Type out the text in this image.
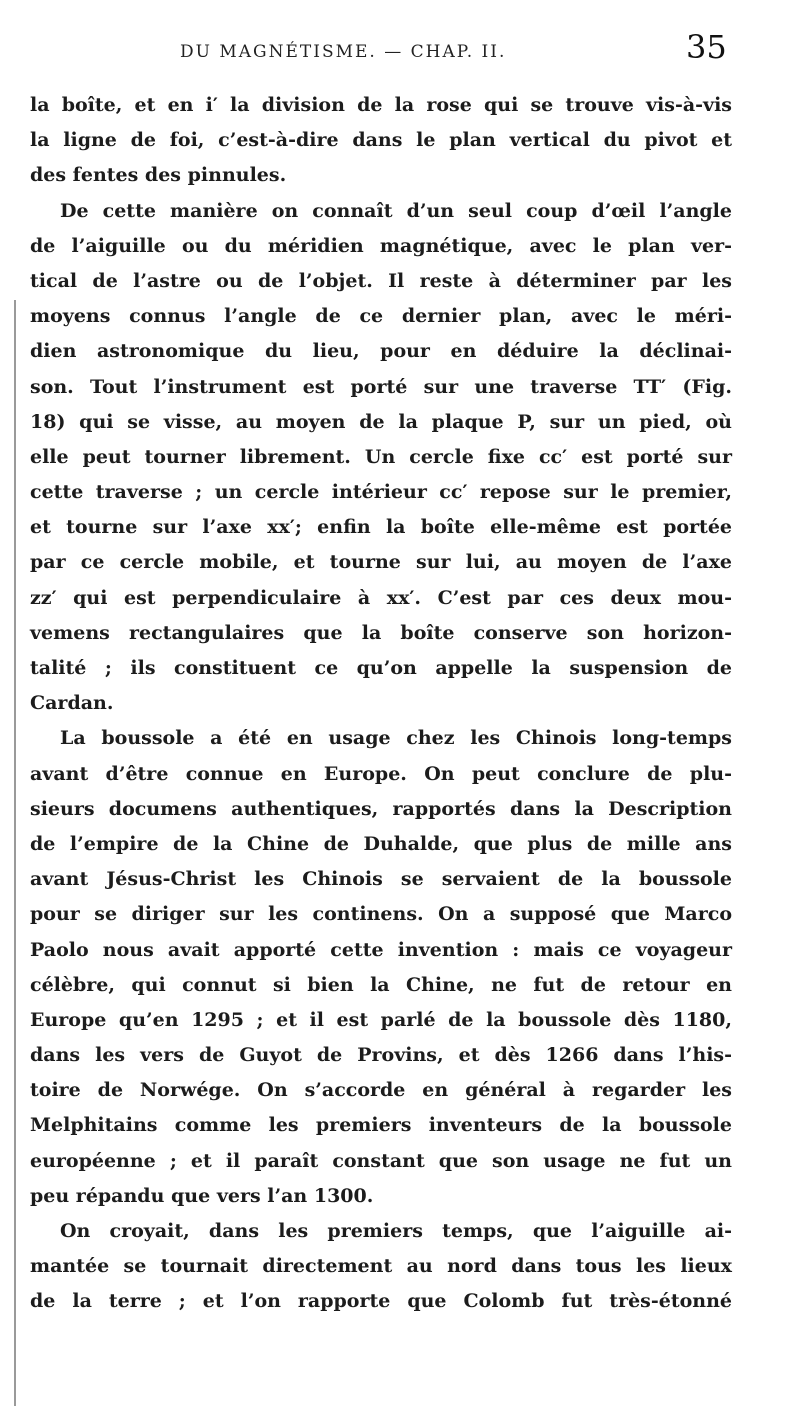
DU MAGNÉTISME. — CHAP. II.	35
la boîte, et en i′ la division de la rose qui se trouve vis-à-vis
la ligne de foi, c’est-à-dire dans le plan vertical du pivot et
des fentes des pinnules.
De cette manière on connaît d’un seul coup d’œil l’angle
de l’aiguille ou du méridien magnétique, avec le plan ver-
tical de l’astre ou de l’objet. Il reste à déterminer par les
moyens connus l’angle de ce dernier plan, avec le méri-
dien astronomique du lieu, pour en déduire la déclinai-
son. Tout l’instrument est porté sur une traverse TT′ (Fig.
18) qui se visse, au moyen de la plaque P, sur un pied, où
elle peut tourner librement. Un cercle fixe cc′ est porté sur
cette traverse ; un cercle intérieur cc′ repose sur le premier,
et tourne sur l’axe xx′; enfin la boîte elle-même est portée
par ce cercle mobile, et tourne sur lui, au moyen de l’axe
zz′ qui est perpendiculaire à xx′. C’est par ces deux mou-
vemens rectangulaires que la boîte conserve son horizon-
talité ; ils constituent ce qu’on appelle la suspension de
Cardan.
La boussole a été en usage chez les Chinois long-temps
avant d’être connue en Europe. On peut conclure de plu-
sieurs documens authentiques, rapportés dans la Description
de l’empire de la Chine de Duhalde, que plus de mille ans
avant Jésus-Christ les Chinois se servaient de la boussole
pour se diriger sur les continens. On a supposé que Marco
Paolo nous avait apporté cette invention : mais ce voyageur
célèbre, qui connut si bien la Chine, ne fut de retour en
Europe qu’en 1295 ; et il est parlé de la boussole dès 1180,
dans les vers de Guyot de Provins, et dès 1266 dans l’his-
toire de Norwége. On s’accorde en général à regarder les
Melphitains comme les premiers inventeurs de la boussole
européenne ; et il paraît constant que son usage ne fut un
peu répandu que vers l’an 1300.
On croyait, dans les premiers temps, que l’aiguille ai-
mantée se tournait directement au nord dans tous les lieux
de la terre ; et l’on rapporte que Colomb fut très-étonné
